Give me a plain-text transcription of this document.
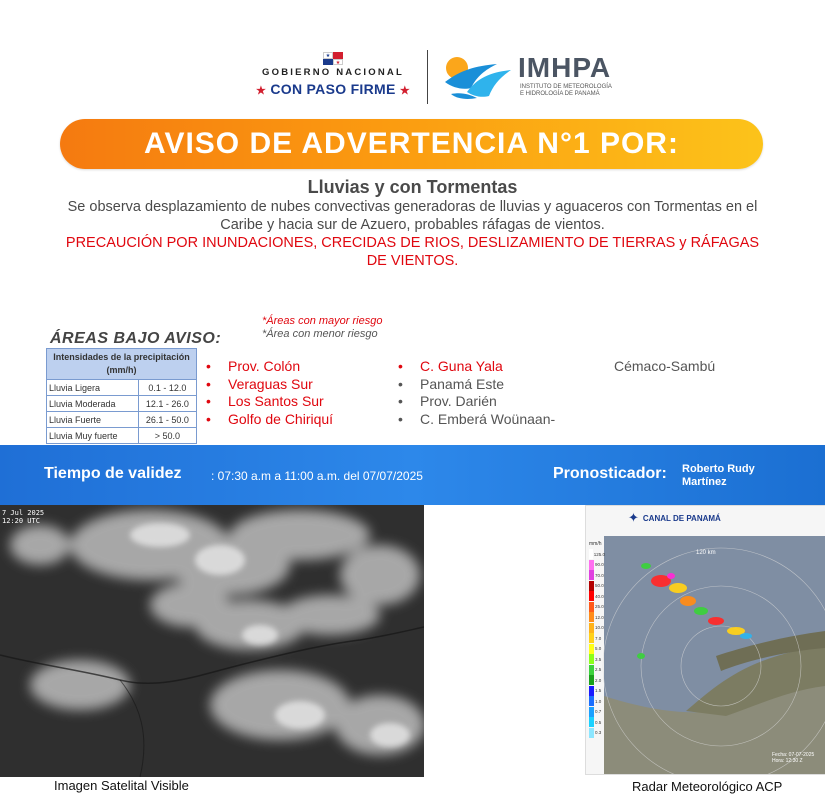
★
★
GOBIERNO NACIONAL
★ CON PASO FIRME ★
IMHPA
INSTITUTO DE METEOROLOGÍA
E HIDROLOGÍA DE PANAMÁ
AVISO DE ADVERTENCIA N°1 POR:
Lluvias y con Tormentas
Se observa desplazamiento de nubes convectivas generadoras de lluvias y aguaceros con Tormentas en el Caribe y hacia sur de Azuero, probables ráfagas de vientos.
PRECAUCIÓN POR INUNDACIONES, CRECIDAS DE RIOS, DESLIZAMIENTO DE TIERRAS y RÁFAGAS DE VIENTOS.
*Áreas con mayor riesgo
*Área con menor riesgo
ÁREAS BAJO AVISO:
Intensidades de la precipitación (mm/h)	
Lluvia Ligera	0.1 - 12.0
Lluvia Moderada	12.1 - 26.0
Lluvia Fuerte	26.1 - 50.0
Lluvia Muy fuerte	> 50.0
•	Prov. Colón
•	Veraguas Sur
•	Los Santos Sur
•	Golfo de Chiriquí
•	C. Guna Yala
•	Panamá Este
•	Prov. Darién
•	C. Emberá Woünaan-
Cémaco-Sambú
Tiempo de validez : 07:30 a.m a 11:00 a.m. del 07/07/2025	Pronosticador: Roberto Rudy Martínez
7 Jul 2025
12:20 UTC
Imagen Satelital Visible
✦ CANAL DE PANAMÁ
120 km
mm/h
125.0
90.0
70.0
50.0
40.0
25.0
12.0
10.0
7.0
5.0
3.5
2.5
2.0
1.5
1.0
0.7
0.5
0.3
Fecha: 07-07-2025
Hora: 12:30 Z
Radar Meteorológico ACP
